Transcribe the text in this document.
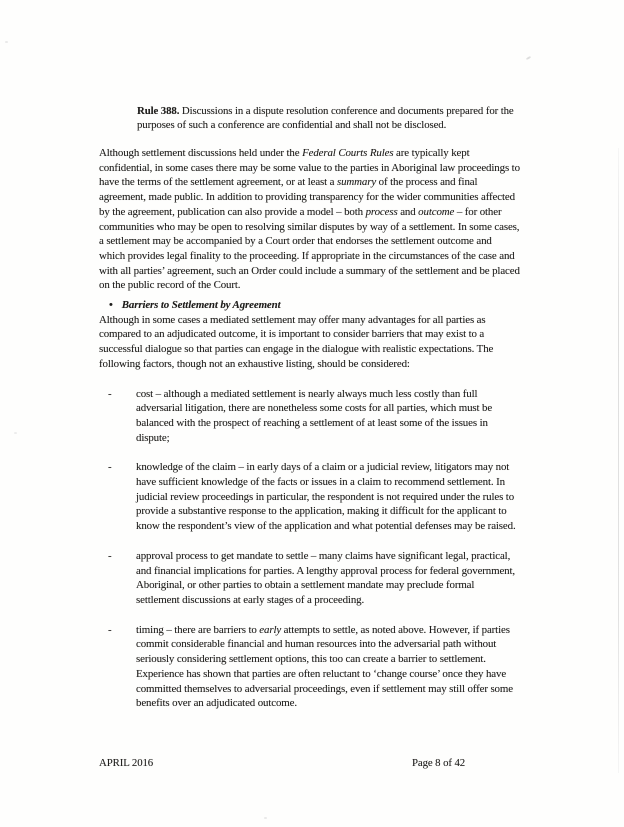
Rule 388. Discussions in a dispute resolution conference and documents prepared for the purposes of such a conference are confidential and shall not be disclosed.

Although settlement discussions held under the Federal Courts Rules are typically kept confidential, in some cases there may be some value to the parties in Aboriginal law proceedings to have the terms of the settlement agreement, or at least a summary of the process and final agreement, made public. In addition to providing transparency for the wider communities affected by the agreement, publication can also provide a model – both process and outcome – for other communities who may be open to resolving similar disputes by way of a settlement. In some cases, a settlement may be accompanied by a Court order that endorses the settlement outcome and which provides legal finality to the proceeding. If appropriate in the circumstances of the case and with all parties’ agreement, such an Order could include a summary of the settlement and be placed on the public record of the Court.

• Barriers to Settlement by Agreement

Although in some cases a mediated settlement may offer many advantages for all parties as compared to an adjudicated outcome, it is important to consider barriers that may exist to a successful dialogue so that parties can engage in the dialogue with realistic expectations. The following factors, though not an exhaustive listing, should be considered:

- cost – although a mediated settlement is nearly always much less costly than full adversarial litigation, there are nonetheless some costs for all parties, which must be balanced with the prospect of reaching a settlement of at least some of the issues in dispute;
- knowledge of the claim – in early days of a claim or a judicial review, litigators may not have sufficient knowledge of the facts or issues in a claim to recommend settlement. In judicial review proceedings in particular, the respondent is not required under the rules to provide a substantive response to the application, making it difficult for the applicant to know the respondent’s view of the application and what potential defenses may be raised.
- approval process to get mandate to settle – many claims have significant legal, practical, and financial implications for parties. A lengthy approval process for federal government, Aboriginal, or other parties to obtain a settlement mandate may preclude formal settlement discussions at early stages of a proceeding.
- timing – there are barriers to early attempts to settle, as noted above. However, if parties commit considerable financial and human resources into the adversarial path without seriously considering settlement options, this too can create a barrier to settlement. Experience has shown that parties are often reluctant to ‘change course’ once they have committed themselves to adversarial proceedings, even if settlement may still offer some benefits over an adjudicated outcome.
APRIL 2016	Page 8 of 42
